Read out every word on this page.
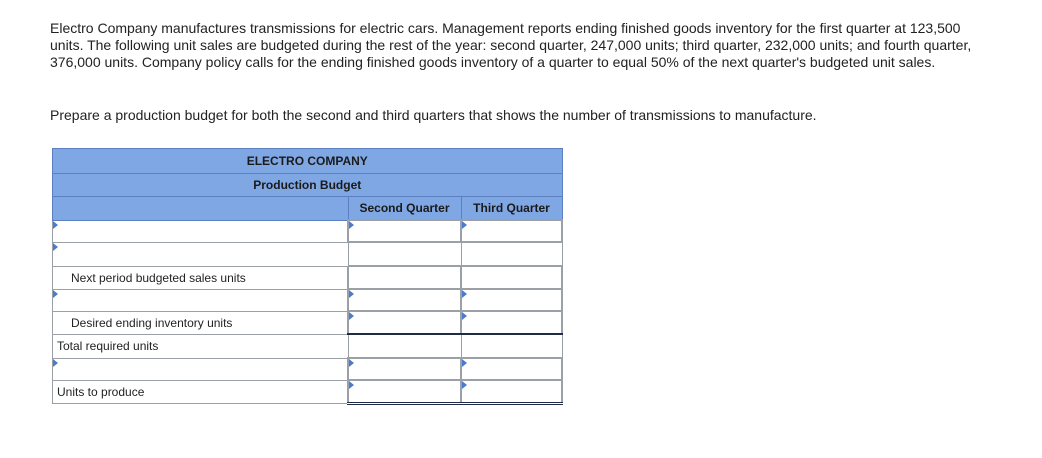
Electro Company manufactures transmissions for electric cars. Management reports ending finished goods inventory for the first quarter at 123,500 units. The following unit sales are budgeted during the rest of the year: second quarter, 247,000 units; third quarter, 232,000 units; and fourth quarter, 376,000 units. Company policy calls for the ending finished goods inventory of a quarter to equal 50% of the next quarter's budgeted unit sales.

Prepare a production budget for both the second and third quarters that shows the number of transmissions to manufacture.

ELECTRO COMPANY		
Production Budget		
	Second Quarter	Third Quarter

Next period budgeted sales units	

Desired ending inventory units	

Total required units		

Units to produce	
